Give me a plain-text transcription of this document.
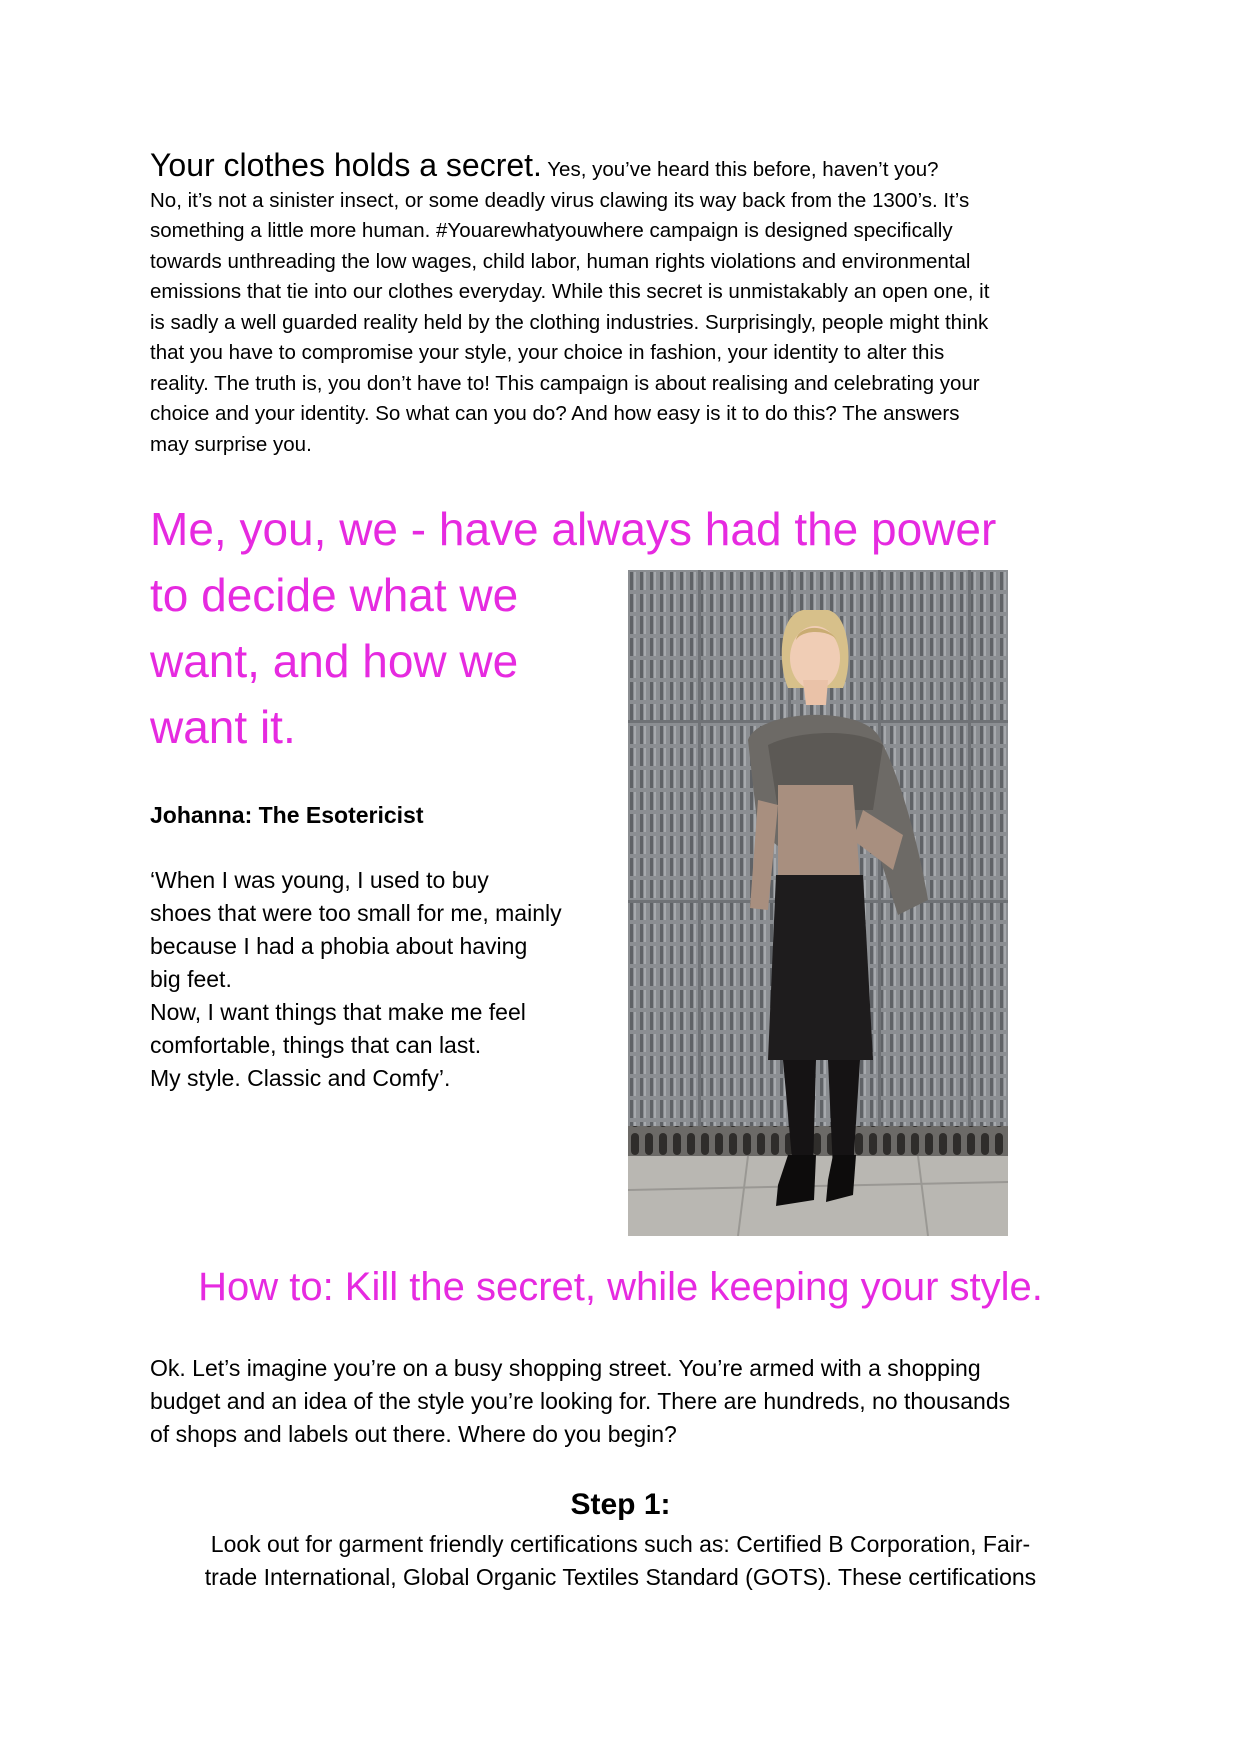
Your clothes holds a secret. Yes, you’ve heard this before, haven’t you?
No, it’s not a sinister insect, or some deadly virus clawing its way back from the 1300’s. It’s
something a little more human. #Youarewhatyouwhere campaign is designed specifically
towards unthreading the low wages, child labor, human rights violations and environmental
emissions that tie into our clothes everyday. While this secret is unmistakably an open one, it
is sadly a well guarded reality held by the clothing industries. Surprisingly, people might think
that you have to compromise your style, your choice in fashion, your identity to alter this
reality. The truth is, you don’t have to! This campaign is about realising and celebrating your
choice and your identity. So what can you do? And how easy is it to do this? The answers
may surprise you.
Me, you, we - have always had the power
to decide what we
want, and how we
want it.
Johanna: The Esotericist
‘When I was young, I used to buy
shoes that were too small for me, mainly
because I had a phobia about having
big feet.
Now, I want things that make me feel
comfortable, things that can last.
My style. Classic and Comfy’.
How to: Kill the secret, while keeping your style.
Ok. Let’s imagine you’re on a busy shopping street. You’re armed with a shopping
budget and an idea of the style you’re looking for. There are hundreds, no thousands
of shops and labels out there. Where do you begin?
Step 1:
Look out for garment friendly certifications such as: Certified B Corporation, Fair-
trade International, Global Organic Textiles Standard (GOTS). These certifications
